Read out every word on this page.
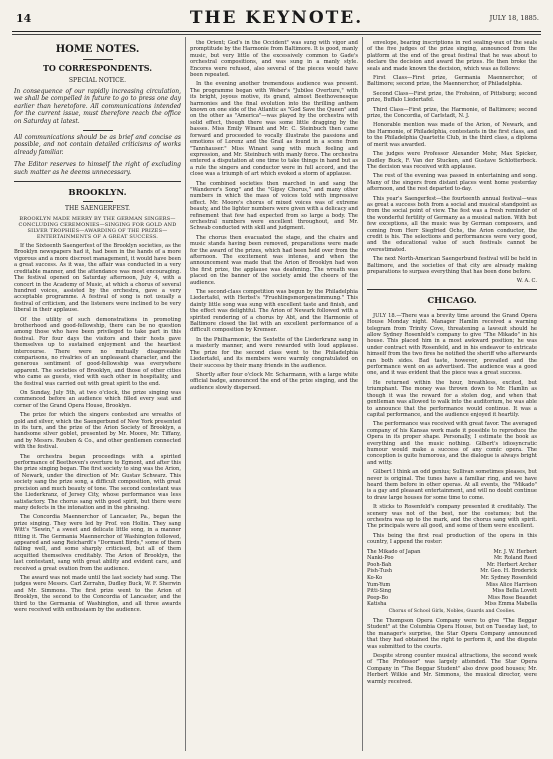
14	THE KEYNOTE.	JULY 18, 1885.
HOME NOTES.
TO CORRESPONDENTS.
SPECIAL NOTICE.
In consequence of our rapidly increasing circulation, we shall be compelled in future to go to press one day earlier than heretofore. All communications intended for the current issue, must therefore reach the office on Saturday at latest.
All communications should be as brief and concise as possible, and not contain detailed criticisms of works already familiar.
The Editor reserves to himself the right of excluding such matter as he deems unnecessary.
BROOKLYN.
THE SAENGERFEST.
BROOKLYN MADE MERRY BY THE GERMAN SINGERS—CONCLUDING CEREMONIES—SINGING FOR GOLD AND SILVER TROPHIES—AWARDING OF THE PRIZES—ENTERTAINMENTS OF A GREAT SUCCESS.

If the Sixteenth Saengerfest of the Brooklyn societies, as the Brooklyn newspapers had it, had been in the hands of a more vigorous and a more discreet management, it would have been a great success. As it was, the affair was conducted in a very creditable manner, and the attendance was most encouraging. The festival opened on Saturday afternoon, July 4, with a concert in the Academy of Music, at which a chorus of several hundred voices, assisted by the orchestra, gave a very acceptable programme. A festival of song is not usually a festival of criticism, and the listeners were inclined to be very liberal in their applause.

Of the utility of such demonstrations in promoting brotherhood and good-fellowship, there can be no question among those who have been privileged to take part in this festival. For four days the visitors and their hosts gave themselves up to sustained enjoyment and the heartiest intercourse. There were no mutually disagreeable comparisons, no rivalries of an unpleasant character, and the generous sentiment of good-fellowship was everywhere apparent. The societies of Brooklyn, and those of other cities who came as guests, vied with each other in hospitality, and the festival was carried out with great spirit to the end.

On Sunday, July 5th, at two o'clock, the prize singing was commenced before an audience which filled every seat and corner of the Grand Opera House, Brooklyn.

The prize for which the singers contested are wreaths of gold and silver, which the Saengerbund of New York presented in its turn, and the prize of the Arion Society of Brooklyn, a handsome silver goblet, presented by Mr. Moore, Mr. Tiffany, and by Messrs. Reuben & Co., and other gentlemen connected with the festival.

The orchestra began proceedings with a spirited performance of Beethoven's overture to Egmont, and after this the prize singing began. The first society to sing was the Arion, of Newark, under the direction of Mr. Gustav Schwarz. This society sang the prize song, a difficult composition, with great precision and much beauty of tone. The second contestant was the Liederkranz, of Jersey City, whose performance was less satisfactory. The chorus sang with good spirit, but there were many defects in the intonation and in the phrasing.

The Concordia Maennerchor of Lancaster, Pa., began the prize singing. They were led by Prof. von Hollin. They sang Witt's "Sewin," a sweet and delicate little song, in a manner fitting it. The Germania Maennerchor of Washington followed, appeared and sang Reichardt's "Dormant Birds," some of them falling well, and some sharply criticised, but all of them acquitted themselves creditably. The Arion of Brooklyn, the last contestant, sang with great ability and evident care, and received a great ovation from the audience.

The award was not made until the last society had sung. The judges were Messrs. Carl Zerrahn, Dudley Buck, W. F. Sherwin and Mr. Simmons. The first prize went to the Arion of Brooklyn, the second to the Concordia of Lancaster, and the third to the Germania of Washington, and all three awards were received with enthusiasm by the audience.

the Orient; God's in the Occident" was sung with vigor and promptitude by the Harmonie from Baltimore. It is good, manly music, but very little of the excessively common to Gade's orchestral compositions, and was sung in a manly style. Encores were refused, also several of the pieces would have been repeated.

In the evening another tremendous audience was present. The programme began with Weber's "Jubilee Overture," with its bright, joyous motive, its grand, almost Beethovenesque harmonies and the final evolution into the thrilling anthem known on one side of the Atlantic as "God Save the Queen" and on the other as "America"—was played by the orchestra with solid effect, though there was some little dragging by the basses. Miss Emily Winant and Mr. C. Steinbuch then came forward and proceeded to vocally illustrate the passions and emotions of Lorenz and the Grail as found in a scene from "Tannhauser." Miss Winant sang with much feeling and expression, and Mr. Steinbuch with manly force. The orchestra entered a disputation at one time to take things in hand but as a rule the singers and conductor were in full accord, and the close was a triumph of art which evoked a storm of applause.

The combined societies then marched in and sang the "Wanderer's Song" and the "Gipsy Chorus," and many other numbers in which the mass of voices told with impressive effect. Mr. Moore's chorus of mixed voices was of extreme beauty, and the lighter numbers were given with a delicacy and refinement that few had expected from so large a body. The orchestral numbers were excellent throughout, and Mr. Schwab conducted with skill and judgment.

The chorus then evacuated the stage, and the chairs and music stands having been removed, preparations were made for the award of the prizes, which had been held over from the afternoon. The excitement was intense, and when the announcement was made that the Arion of Brooklyn had won the first prize, the applause was deafening. The wreath was placed on the banner of the society amid the cheers of the audience.

The second-class competition was begun by the Philadelphia Liedertafel, with Herbst's "Fruehlingsmorgenstimmung." This dainty little song was sung with excellent taste and finish, and the effect was delightful. The Arion of Newark followed with a spirited rendering of a chorus by Abt, and the Harmonie of Baltimore closed the list with an excellent performance of a difficult composition by Kremser.

In the Philharmonic, the Sextette of the Liederkranz sang in a masterly manner, and were rewarded with loud applause. The prize for the second class went to the Philadelphia Liedertafel, and its members were warmly congratulated on their success by their many friends in the audience.

Shortly after four o'clock Mr. Scharmann, with a large white official badge, announced the end of the prize singing, and the audience slowly dispersed.

envelope, bearing inscriptions in red sealing-wax of the seals of the five judges of the prize singing, announced from the platform at the end of the great festival that he was about to declare the decision and award the prizes. He then broke the seals and made known the decision, which was as follows:

First Class—First prize, Germania Maennerchor, of Baltimore; second prize, the Maennerchor, of Philadelphia.

Second Class—First prize, the Frohsinn, of Pittsburg; second prize, Buffalo Liedertafel.

Third Class—First prize, the Harmonie, of Baltimore; second prize, the Concordia, of Carlstadt, N. J.

Honorable mention was made of the Arion, of Newark, and the Harmonie, of Philadelphia, contestants in the first class, and to the Philadelphia Quartette Club, in the third class, a diploma of merit was awarded.

The judges were Professor Alexander Mohr, Max Spicker, Dudley Buck, F. Van der Stucken, and Gustave Schlotterbeck. The decision was received with applause.

The rest of the evening was passed in entertaining and song. Many of the singers from distant places went home yesterday afternoon, and the rest departed to-day.

This year's Saengerfest—the fourteenth annual festival—was as great a success both from a social and musical standpoint as from the social point of view. The fest was a fresh reminder of the wonderful fertility of Germany as a musical nation. With but few exceptions, all the music was by German composers, and coming from Herr Siegfried Ochs, the Arion conductor, the credit is his. The selections and performances were very good, and the educational value of such festivals cannot be overestimated.

The next North-American Saengerbund festival will be held in Baltimore, and the societies of that city are already making preparations to surpass everything that has been done before.

W. A. C.
CHICAGO.

JULY 18.—There was a brevity time around the Grand Opera House Monday night. Manager Hamlin received a warning telegram from Trinity Cove, threatening a lawsuit should he allow Sydney Rosenfeld's company to give "The Mikado" in his house. This placed him in a most awkward position; he was under contract with Rosenfeld, and in his endeavor to extricate himself from the two fires he notified the sheriff who afterwards ran both sides. Bad taste, however, prevailed and the performance went on as advertised. The audience was a good one, and it was evident that the piece was a great success.

He returned within the hour, breathless, excited, but triumphant. The money was thrown down to Mr. Hamlin as though it was the reward for a stolen dog, and when that gentleman was allowed to walk into the auditorium, he was able to announce that the performance would continue. It was a capital performance, and the audience enjoyed it heartily.

The performance was received with great favor. The averaged company of his Kansas work made it possible to reproduce the Opera in its proper shape. Personally, I estimate the book as everything and the music nothing. Gilbert's idiosyncratic humour would make a success of any comic opera. The conception is quite humorous, and the dialogue is always bright and witty.

Gilbert I think an odd genius; Sullivan sometimes pleases, but never is original. The tunes have a familiar ring, and we have heard them before in other operas. At all events, the "Mikado" is a gay and pleasant entertainment, and will no doubt continue to draw large houses for some time to come.

It sticks to Rosenfeld's company presented it creditably. The scenery was not of the best, nor the costumes; but the orchestra was up to the mark, and the chorus sang with spirit. The principals were all good, and some of them were excellent.

This being the first real production of the opera in this country, I append the roster:

The Mikado of Japan	Mr. J. W. Herbert
Nanki-Poo	Mr. Roland Reed
Pooh-Bah	Mr. Herbert Archer
Pish-Tush	Mr. Geo. H. Broderick
Ko-Ko	Mr. Sydney Rosenfeld
Yum-Yum	Miss Alice Harrison
Pitti-Sing	Miss Bella Lovett
Peep-Bo	Miss Rose Beaudet
Katisha	Miss Emma Mabella
Chorus of School Girls, Nobles, Guards and Coolies.

The Thompson Opera Company were to give "The Beggar Student" at the Columbia Opera House, but on Tuesday last, to the manager's surprise, the Star Opera Company announced that they had obtained the right to perform it, and the dispute was submitted to the courts.

Despite strong counter musical attractions, the second week of "The Professor" was largely attended. The Star Opera Company in "The Beggar Student" also drew good houses; Mr. Herbert Wilkie and Mr. Simmons, the musical director, were warmly received.
